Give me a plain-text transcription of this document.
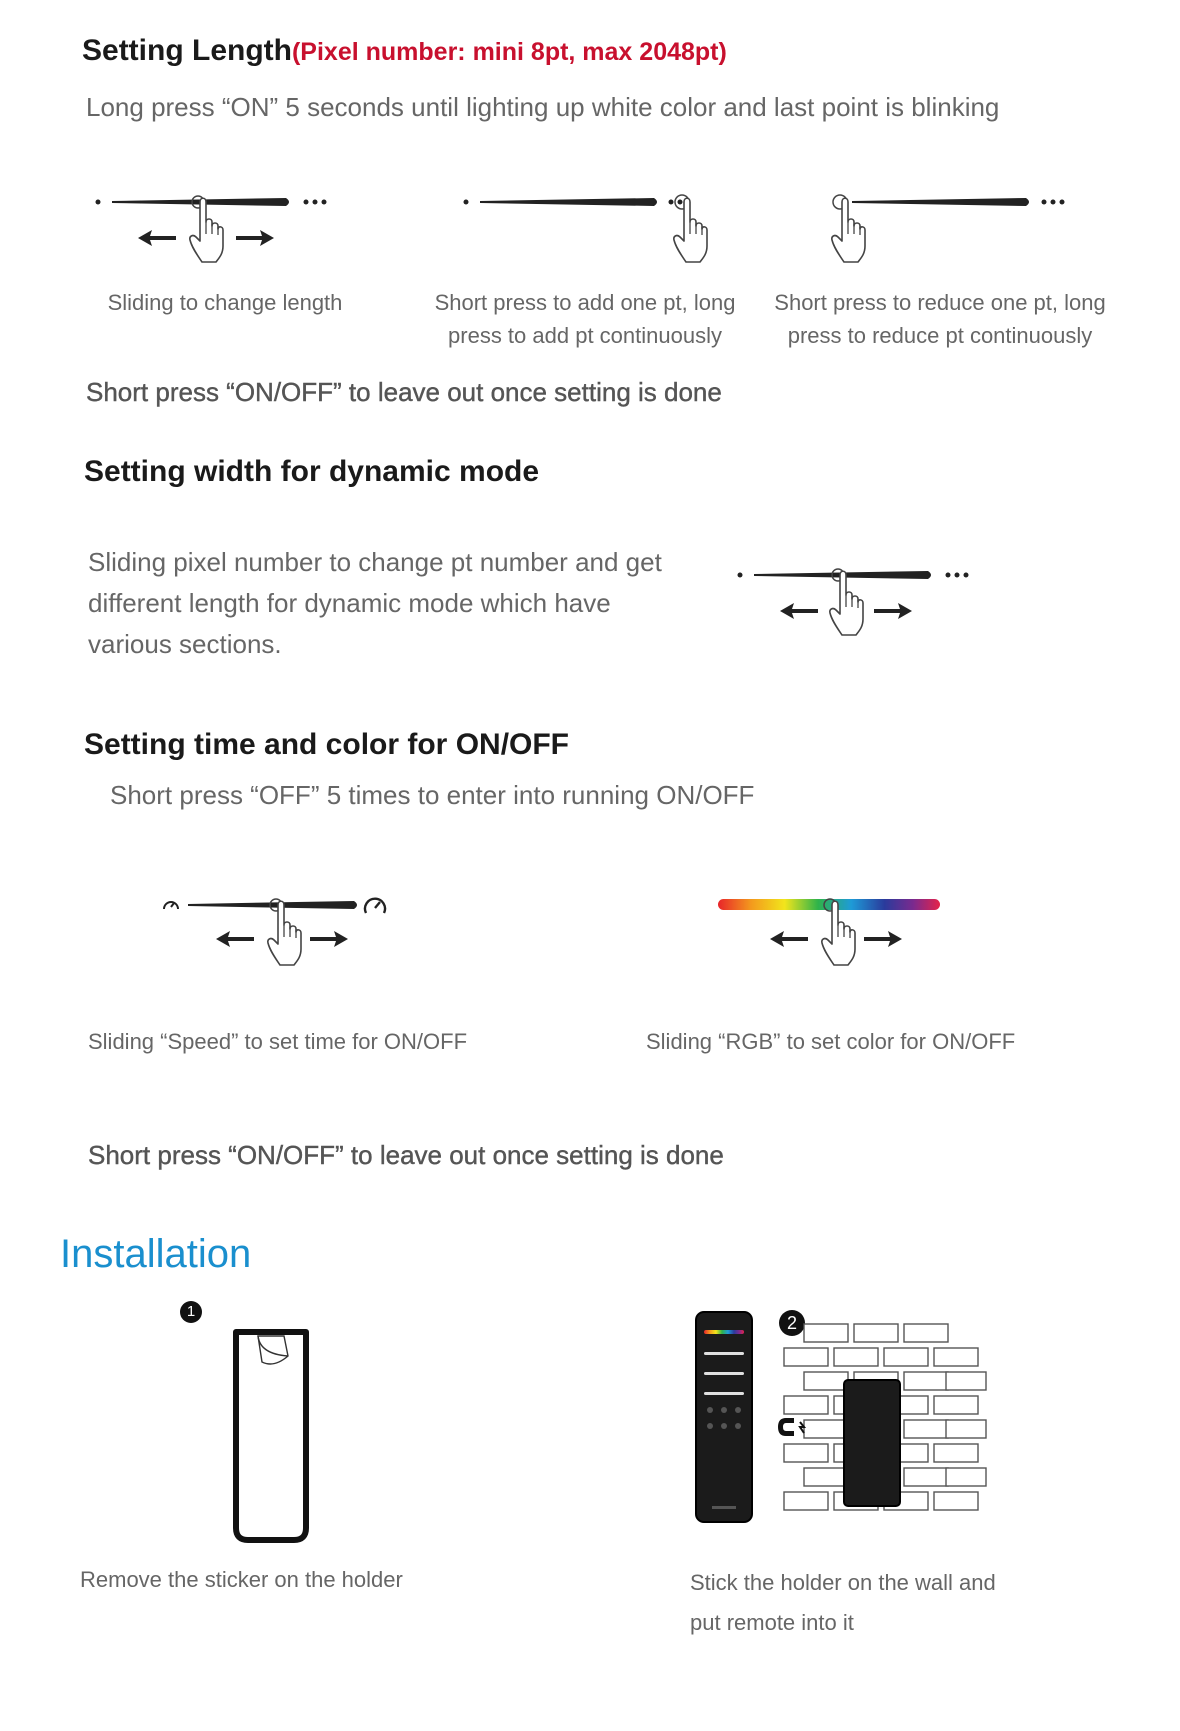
Setting Length(Pixel number: mini 8pt, max 2048pt)
Long press “ON” 5 seconds until lighting up white color and last point is blinking
Sliding to change length	Short press to add one pt, long
press to add pt continuously
Short press to reduce one pt, long
press to reduce pt continuously
Short press “ON/OFF” to leave out once setting is done
Setting width for dynamic mode
Sliding pixel number to change pt number and get
different length for dynamic mode which have
various sections.
Setting time and color for ON/OFF
Short press “OFF” 5 times to enter into running ON/OFF
Sliding “Speed” to set time for ON/OFF	Sliding “RGB” to set color for ON/OFF
Short press “ON/OFF” to leave out once setting is done
Installation
1
Remove the sticker on the holder
2
Stick the holder on the wall and
put remote into it
